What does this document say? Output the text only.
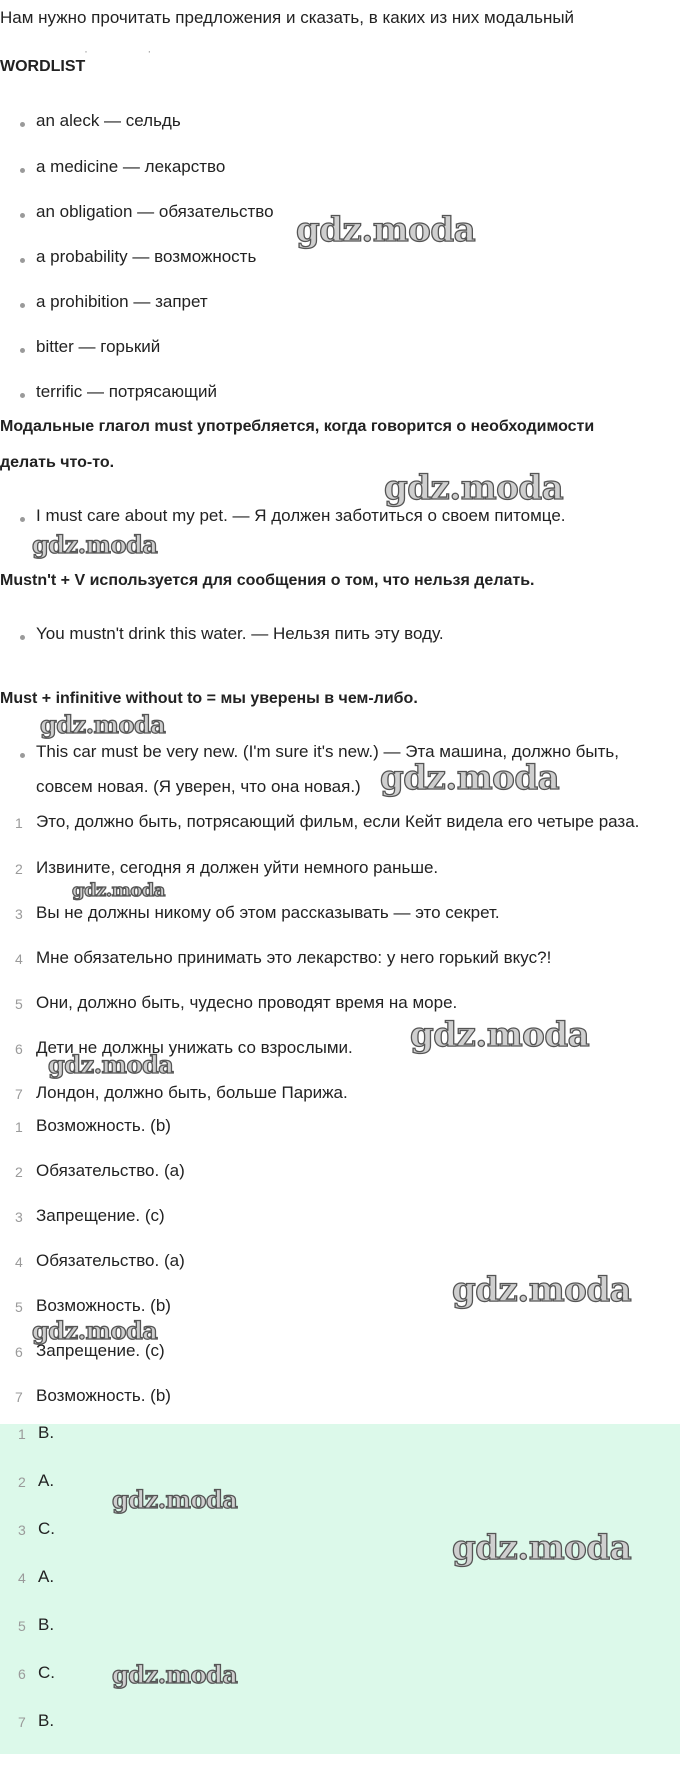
Нам нужно прочитать предложения и сказать, в каких из них модальный
· ·
WORDLIST
an aleck — сельдь
a medicine — лекарство
an obligation — обязательство
a probability — возможность
a prohibition — запрет
bitter — горький
terrific — потрясающий
Модальные глагол must употребляется, когда говорится о необходимости
делать что-то.
I must care about my pet. — Я должен заботиться о своем питомце.
Mustn't + V используется для сообщения о том, что нельзя делать.
You mustn't drink this water. — Нельзя пить эту воду.
Must + infinitive without to = мы уверены в чем-либо.
This car must be very new. (I'm sure it's new.) — Эта машина, должно быть,
совсем новая. (Я уверен, что она новая.)
1 Это, должно быть, потрясающий фильм, если Кейт видела его четыре раза.
2 Извините, сегодня я должен уйти немного раньше.
3 Вы не должны никому об этом рассказывать — это секрет.
4 Мне обязательно принимать это лекарство: у него горький вкус?!
5 Они, должно быть, чудесно проводят время на море.
6 Дети не должны унижать со взрослыми.
7 Лондон, должно быть, больше Парижа.
1 Возможность. (b)
2 Обязательство. (a)
3 Запрещение. (c)
4 Обязательство. (a)
5 Возможность. (b)
6 Запрещение. (c)
7 Возможность. (b)
1 B.
2 A.
3 C.
4 A.
5 B.
6 C.
7 B.
gdz.moda
gdz.moda
gdz.moda
gdz.moda
gdz.moda
gdz.moda
gdz.moda
gdz.moda
gdz.moda
gdz.moda
gdz.moda
gdz.moda
gdz.moda
